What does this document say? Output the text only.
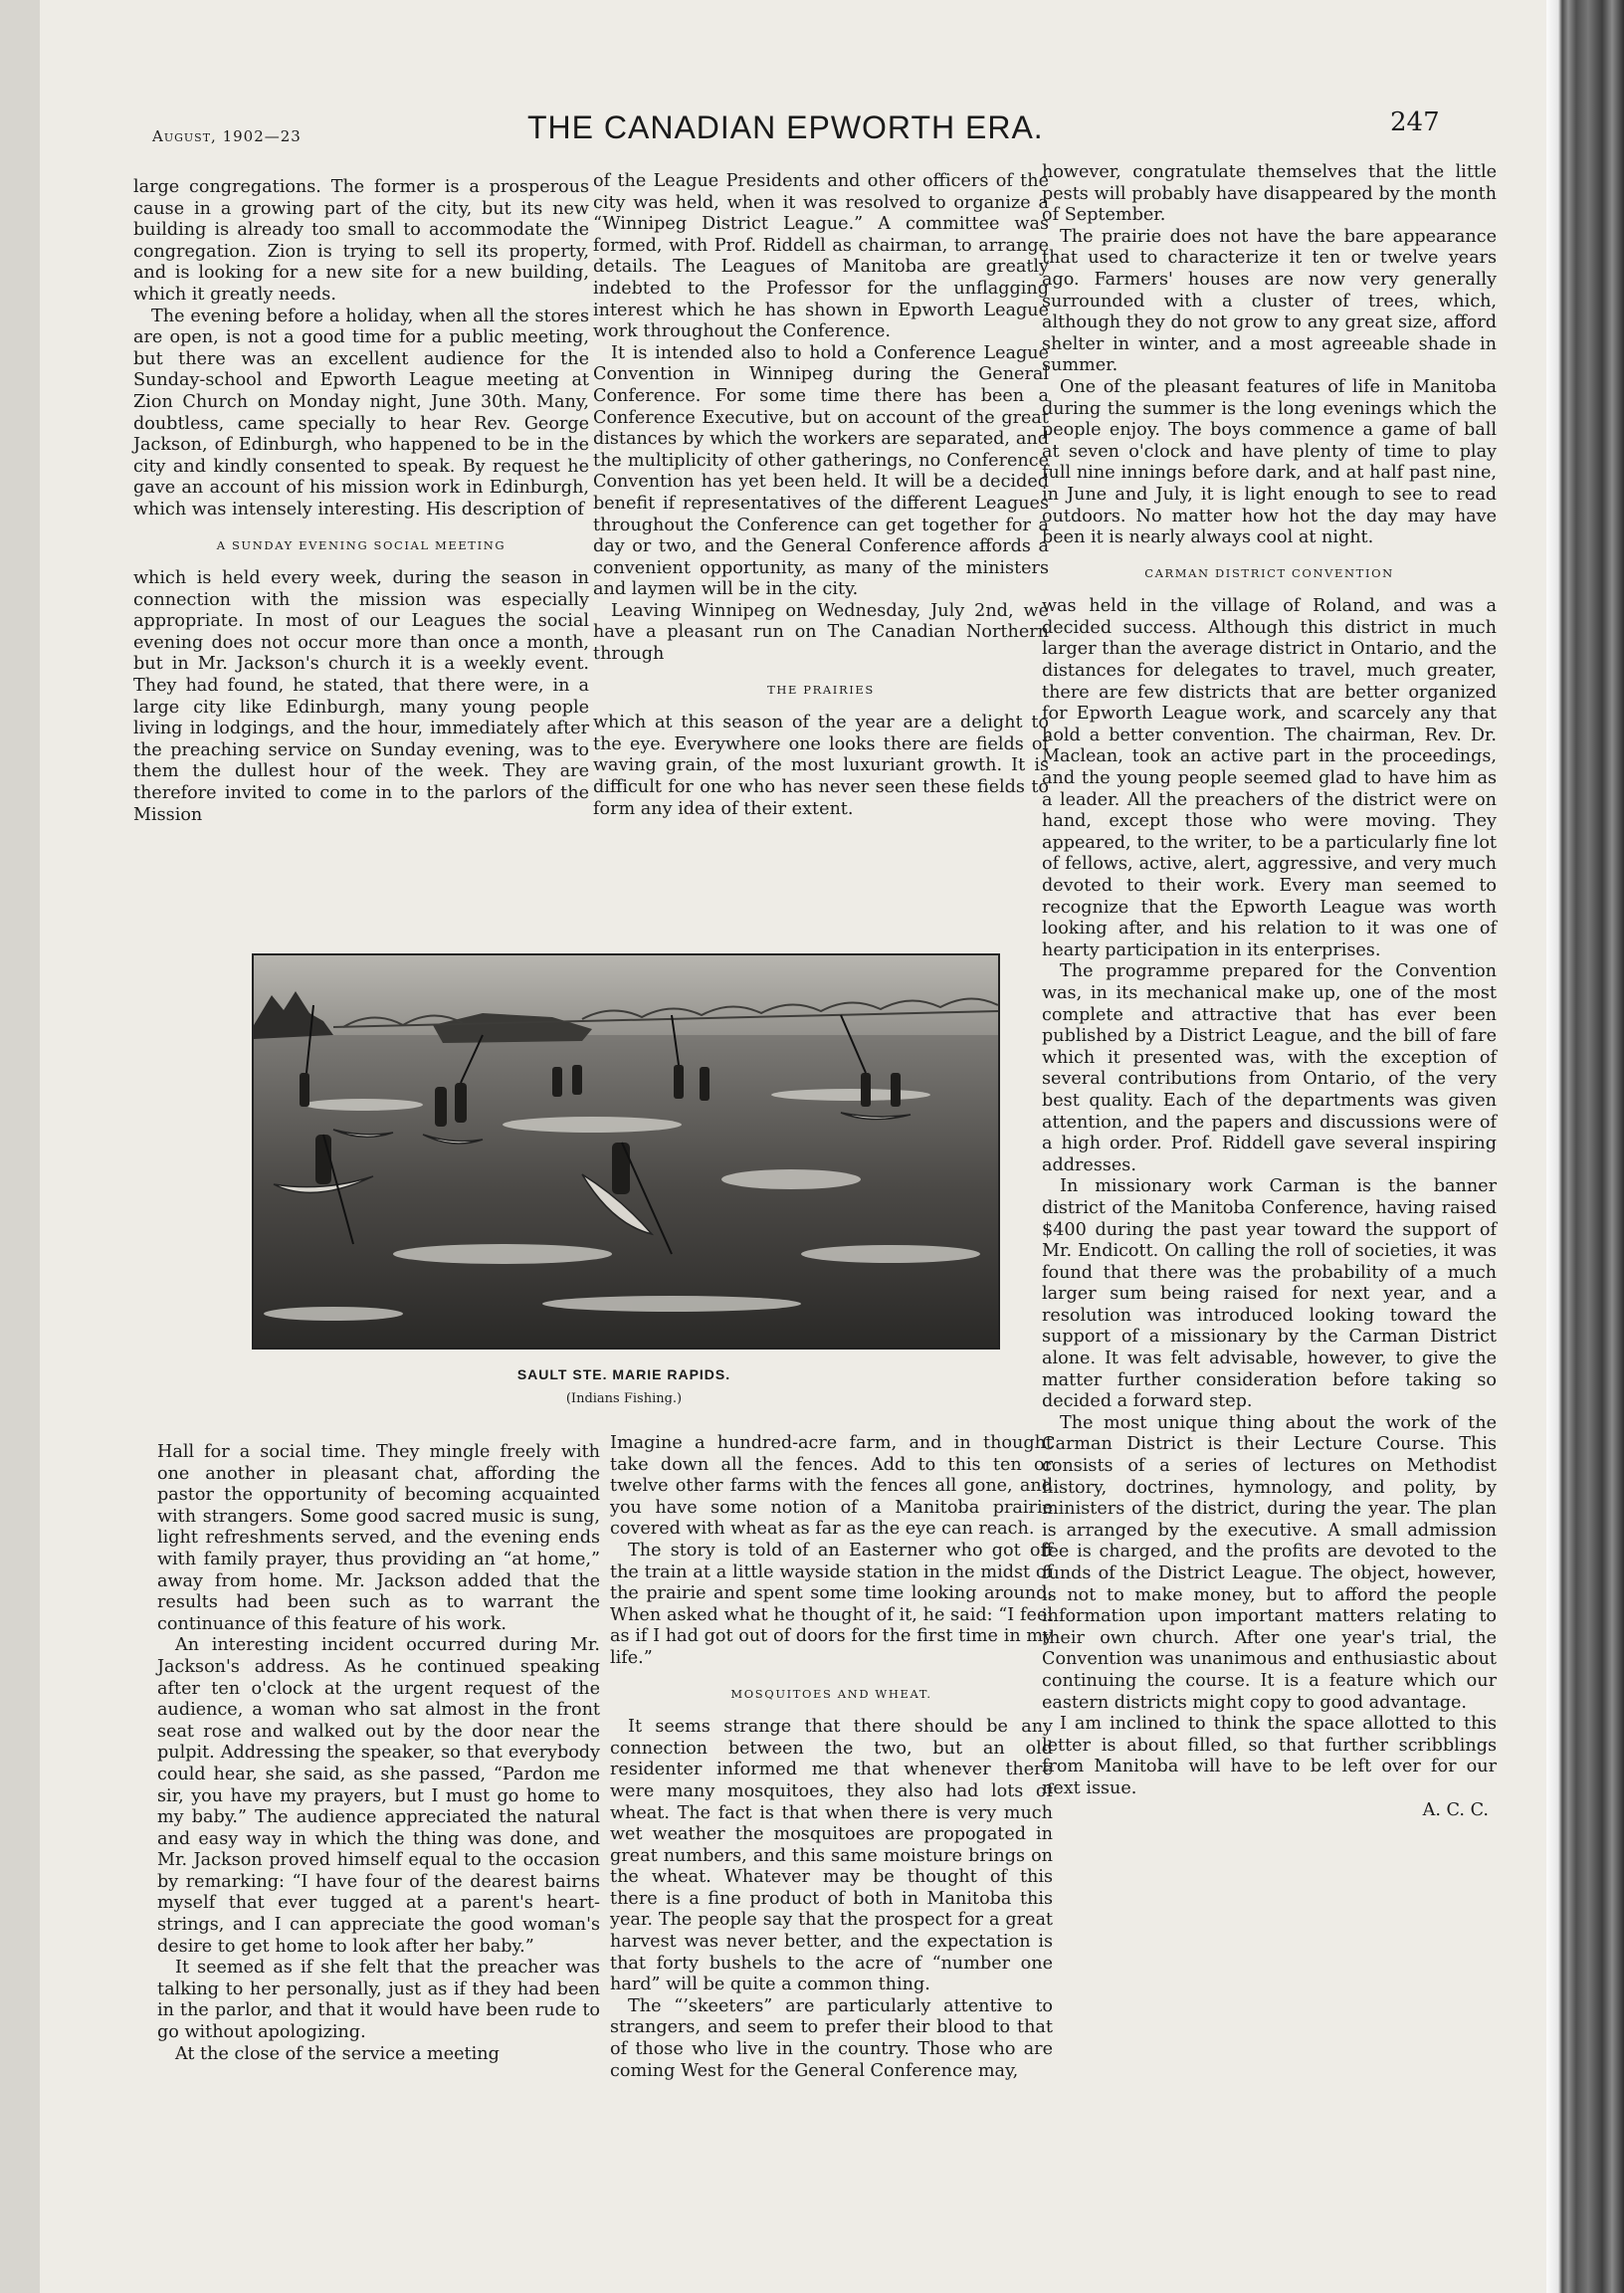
August, 1902—23	THE CANADIAN EPWORTH ERA.	247

large congregations. The former is a prosperous cause in a growing part of the city, but its new building is already too small to accommodate the congregation. Zion is trying to sell its property, and is looking for a new site for a new building, which it greatly needs.

The evening before a holiday, when all the stores are open, is not a good time for a public meeting, but there was an excellent audience for the Sunday-school and Epworth League meeting at Zion Church on Monday night, June 30th. Many, doubtless, came specially to hear Rev. George Jackson, of Edinburgh, who happened to be in the city and kindly consented to speak. By request he gave an account of his mission work in Edinburgh, which was intensely interesting. His description of

A SUNDAY EVENING SOCIAL MEETING

which is held every week, during the season in connection with the mission was especially appropriate. In most of our Leagues the social evening does not occur more than once a month, but in Mr. Jackson's church it is a weekly event. They had found, he stated, that there were, in a large city like Edinburgh, many young people living in lodgings, and the hour, immediately after the preaching service on Sunday evening, was to them the dullest hour of the week. They are therefore invited to come in to the parlors of the Mission

of the League Presidents and other officers of the city was held, when it was resolved to organize a “Winnipeg District League.” A committee was formed, with Prof. Riddell as chairman, to arrange details. The Leagues of Manitoba are greatly indebted to the Professor for the unflagging interest which he has shown in Epworth League work throughout the Conference.

It is intended also to hold a Conference League Convention in Winnipeg during the General Conference. For some time there has been a Conference Executive, but on account of the great distances by which the workers are separated, and the multiplicity of other gatherings, no Conference Convention has yet been held. It will be a decided benefit if representatives of the different Leagues throughout the Conference can get together for a day or two, and the General Conference affords a convenient opportunity, as many of the ministers and laymen will be in the city.

Leaving Winnipeg on Wednesday, July 2nd, we have a pleasant run on The Canadian Northern through

THE PRAIRIES

which at this season of the year are a delight to the eye. Everywhere one looks there are fields of waving grain, of the most luxuriant growth. It is difficult for one who has never seen these fields to form any idea of their extent.

however, congratulate themselves that the little pests will probably have disappeared by the month of September.

The prairie does not have the bare appearance that used to characterize it ten or twelve years ago. Farmers' houses are now very generally surrounded with a cluster of trees, which, although they do not grow to any great size, afford shelter in winter, and a most agreeable shade in summer.

One of the pleasant features of life in Manitoba during the summer is the long evenings which the people enjoy. The boys commence a game of ball at seven o'clock and have plenty of time to play full nine innings before dark, and at half past nine, in June and July, it is light enough to see to read outdoors. No matter how hot the day may have been it is nearly always cool at night.

CARMAN DISTRICT CONVENTION

was held in the village of Roland, and was a decided success. Although this district in much larger than the average district in Ontario, and the distances for delegates to travel, much greater, there are few districts that are better organized for Epworth League work, and scarcely any that hold a better convention. The chairman, Rev. Dr. Maclean, took an active part in the proceedings, and the young people seemed glad to have him as a leader. All the preachers of the district were on hand, except those who were moving. They appeared, to the writer, to be a particularly fine lot of fellows, active, alert, aggressive, and very much devoted to their work. Every man seemed to recognize that the Epworth League was worth looking after, and his relation to it was one of hearty participation in its enterprises.

The programme prepared for the Convention was, in its mechanical make up, one of the most complete and attractive that has ever been published by a District League, and the bill of fare which it presented was, with the exception of several contributions from Ontario, of the very best quality. Each of the departments was given attention, and the papers and discussions were of a high order. Prof. Riddell gave several inspiring addresses.

In missionary work Carman is the banner district of the Manitoba Conference, having raised $400 during the past year toward the support of Mr. Endicott. On calling the roll of societies, it was found that there was the probability of a much larger sum being raised for next year, and a resolution was introduced looking toward the support of a missionary by the Carman District alone. It was felt advisable, however, to give the matter further consideration before taking so decided a forward step.

The most unique thing about the work of the Carman District is their Lecture Course. This consists of a series of lectures on Methodist history, doctrines, hymnology, and polity, by ministers of the district, during the year. The plan is arranged by the executive. A small admission fee is charged, and the profits are devoted to the funds of the District League. The object, however, is not to make money, but to afford the people information upon important matters relating to their own church. After one year's trial, the Convention was unanimous and enthusiastic about continuing the course. It is a feature which our eastern districts might copy to good advantage.

I am inclined to think the space allotted to this letter is about filled, so that further scribblings from Manitoba will have to be left over for our next issue.

A. C. C.
SAULT STE. MARIE RAPIDS.
(Indians Fishing.)

Hall for a social time. They mingle freely with one another in pleasant chat, affording the pastor the opportunity of becoming acquainted with strangers. Some good sacred music is sung, light refreshments served, and the evening ends with family prayer, thus providing an “at home,” away from home. Mr. Jackson added that the results had been such as to warrant the continuance of this feature of his work.

An interesting incident occurred during Mr. Jackson's address. As he continued speaking after ten o'clock at the urgent request of the audience, a woman who sat almost in the front seat rose and walked out by the door near the pulpit. Addressing the speaker, so that everybody could hear, she said, as she passed, “Pardon me sir, you have my prayers, but I must go home to my baby.” The audience appreciated the natural and easy way in which the thing was done, and Mr. Jackson proved himself equal to the occasion by remarking: “I have four of the dearest bairns myself that ever tugged at a parent's heart-strings, and I can appreciate the good woman's desire to get home to look after her baby.”

It seemed as if she felt that the preacher was talking to her personally, just as if they had been in the parlor, and that it would have been rude to go without apologizing.

At the close of the service a meeting

Imagine a hundred-acre farm, and in thought take down all the fences. Add to this ten or twelve other farms with the fences all gone, and you have some notion of a Manitoba prairie covered with wheat as far as the eye can reach.

The story is told of an Easterner who got off the train at a little wayside station in the midst of the prairie and spent some time looking around. When asked what he thought of it, he said: “I feel as if I had got out of doors for the first time in my life.”

MOSQUITOES AND WHEAT.

It seems strange that there should be any connection between the two, but an old residenter informed me that whenever there were many mosquitoes, they also had lots of wheat. The fact is that when there is very much wet weather the mosquitoes are propogated in great numbers, and this same moisture brings on the wheat. Whatever may be thought of this there is a fine product of both in Manitoba this year. The people say that the prospect for a great harvest was never better, and the expectation is that forty bushels to the acre of “number one hard” will be quite a common thing.

The “’skeeters” are particularly attentive to strangers, and seem to prefer their blood to that of those who live in the country. Those who are coming West for the General Conference may,
